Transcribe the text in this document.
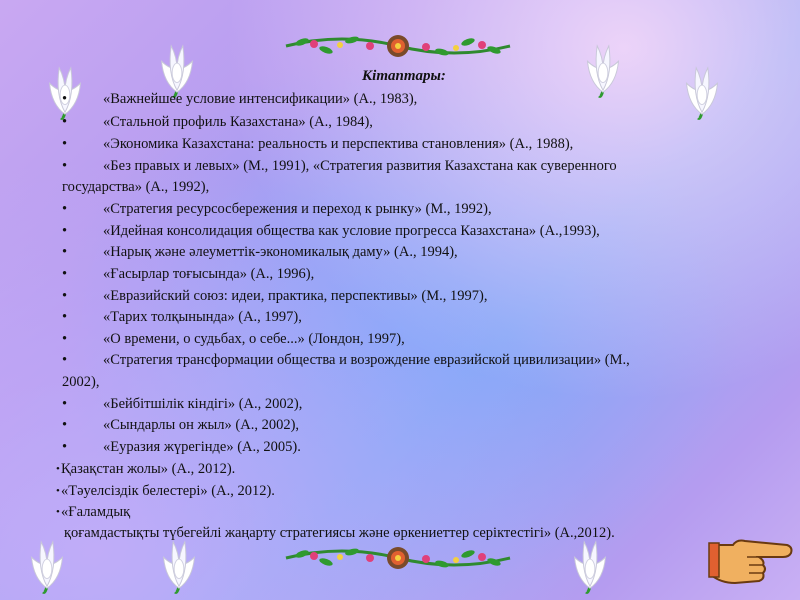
Кітаптары:
• «Важнейшее условие интенсификации» (А., 1983),
• «Стальной профиль Казахстана» (А., 1984),
• «Экономика Казахстана: реальность и перспектива становления» (А., 1988),
• «Без правых и левых» (М., 1991), «Стратегия развития Казахстана как суверенного
государства» (А., 1992),
• «Стратегия ресурсосбережения и переход к рынку» (М., 1992),
• «Идейная консолидация общества как условие прогресса Казахстана» (А.,1993),
• «Нарық және әлеуметтік-экономикалық даму» (А., 1994),
• «Ғасырлар тоғысында» (А., 1996),
• «Евразийский союз: идеи, практика, перспективы» (М., 1997),
• «Тарих толқынында» (А., 1997),
• «О времени, о судьбах, о себе...» (Лондон, 1997),
• «Стратегия трансформации общества и возрождение евразийской цивилизации» (М.,
2002),
• «Бейбітшілік кіндігі» (А., 2002),
• «Сындарлы он жыл» (А., 2002),
• «Еуразия жүрегінде» (А., 2005).
• Қазақстан жолы» (А., 2012).
• «Тәуелсіздік белестері» (А., 2012).
• «Ғаламдық
қоғамдастықты түбегейлі жаңарту стратегиясы және өркениеттер серіктестігі» (А.,2012).
